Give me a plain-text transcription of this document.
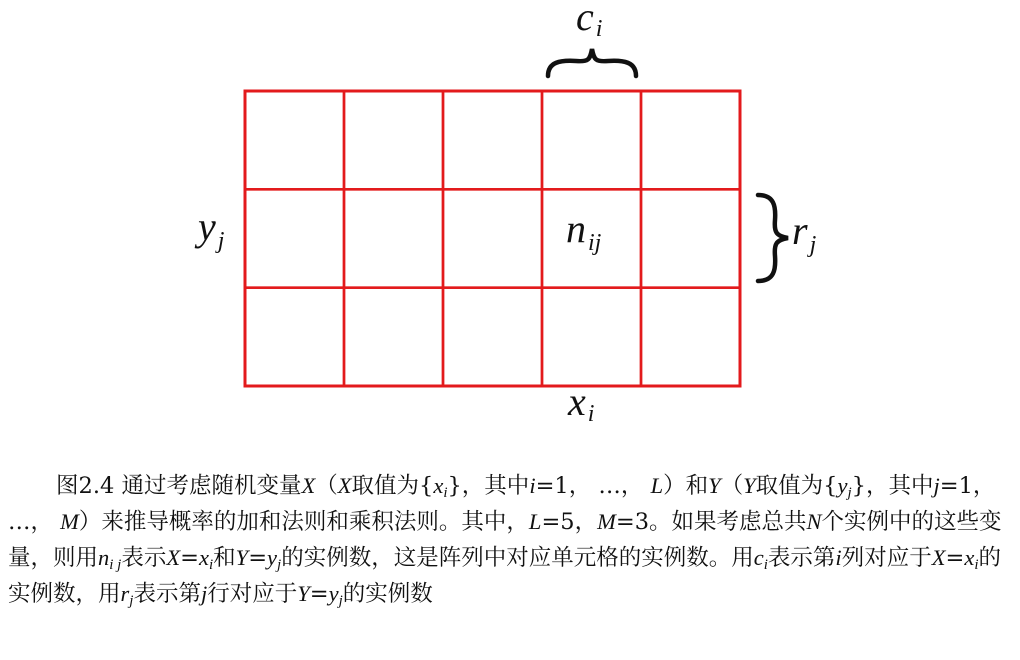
ci
$r_j$
$y_j$
xi
$n_{ij}$

图2.4 通过考虑随机变量X（X取值为$\{x_i\}$，其中i=1， …， L）和Y（Y取值为$\{y_j\}$，其中j=1， …， M）来推导概率的加和法则和乘积法则。其中，L=5，M=3。如果考虑总共N个实例中的这些变量，则用$n_{i j}$表示$X=x_i$和$Y=y_j$的实例数，这是阵列中对应单元格的实例数。用$c_i$表示第i列对应于$X=x_i$的实例数，用$r_j$表示第j行对应于$Y=y_j$的实例数
